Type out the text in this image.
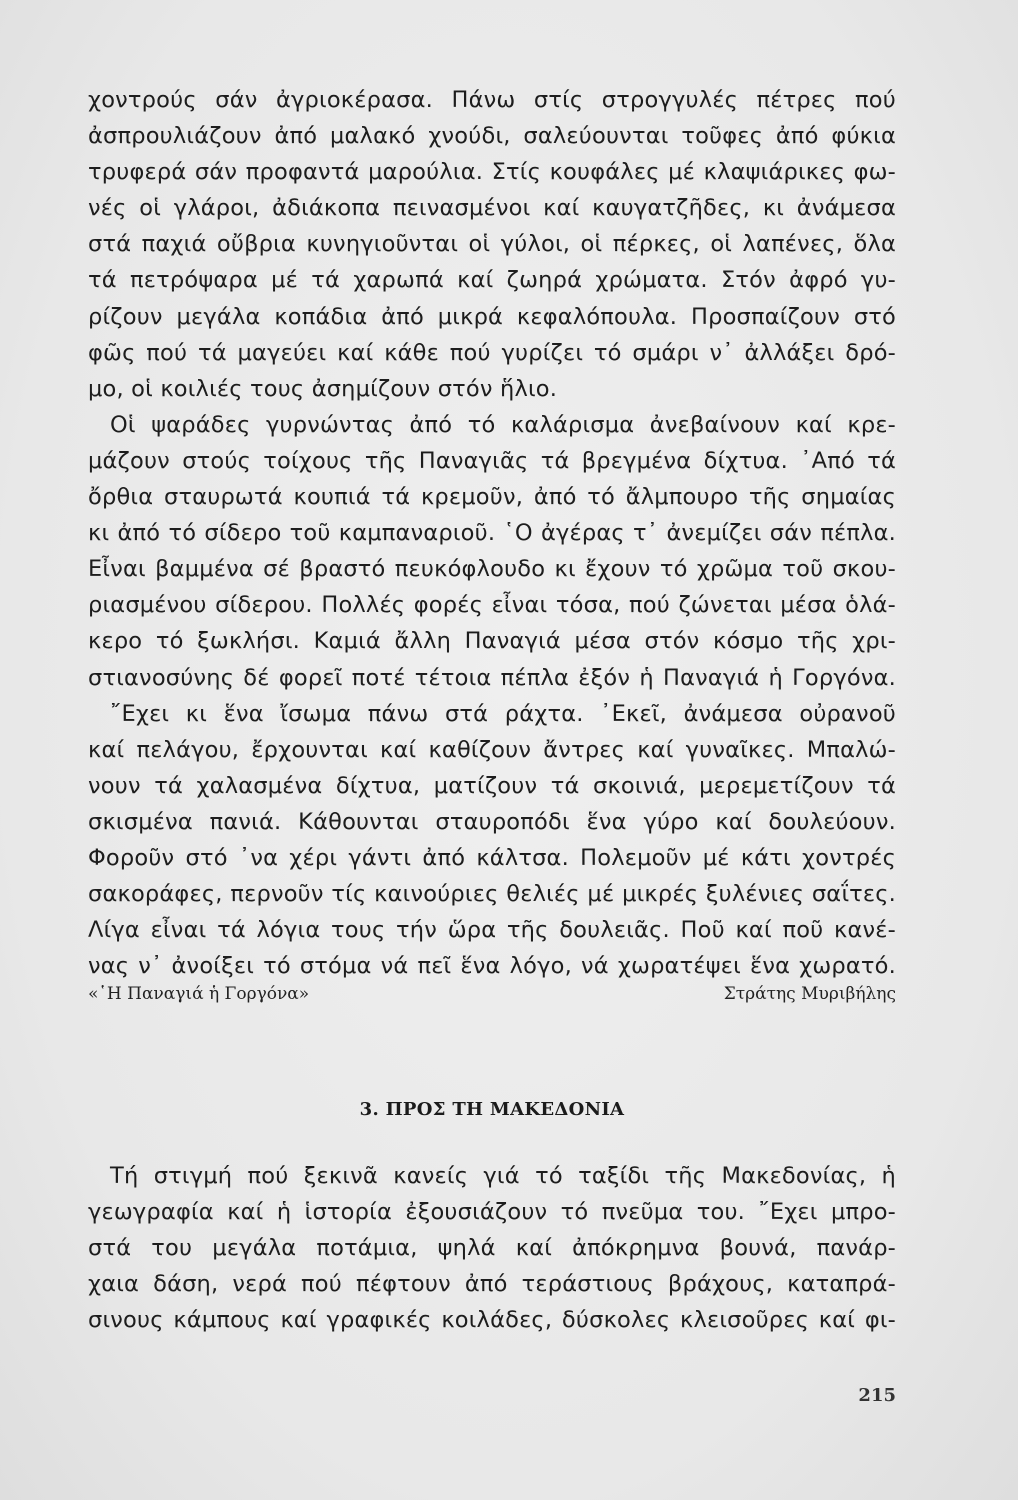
χοντρούς σάν ἀγριοκέρασα. Πάνω στίς στρογγυλές πέτρες πού
ἀσπρουλιάζουν ἀπό μαλακό χνούδι, σαλεύουνται τοῦφες ἀπό φύκια
τρυφερά σάν προφαντά μαρούλια. Στίς κουφάλες μέ κλαψιάρικες φω-
νές οἱ γλάροι, ἀδιάκοπα πεινασμένοι καί καυγατζῆδες, κι ἀνάμεσα
στά παχιά οὔβρια κυνηγιοῦνται οἱ γύλοι, οἱ πέρκες, οἱ λαπένες, ὅλα
τά πετρόψαρα μέ τά χαρωπά καί ζωηρά χρώματα. Στόν ἀφρό γυ-
ρίζουν μεγάλα κοπάδια ἀπό μικρά κεφαλόπουλα. Προσπαίζουν στό
φῶς πού τά μαγεύει καί κάθε πού γυρίζει τό σμάρι ν᾿ ἀλλάξει δρό-
μο, οἱ κοιλιές τους ἀσημίζουν στόν ἥλιο.
Οἱ ψαράδες γυρνώντας ἀπό τό καλάρισμα ἀνεβαίνουν καί κρε-
μάζουν στούς τοίχους τῆς Παναγιᾶς τά βρεγμένα δίχτυα. ᾿Από τά
ὄρθια σταυρωτά κουπιά τά κρεμοῦν, ἀπό τό ἄλμπουρο τῆς σημαίας
κι ἀπό τό σίδερο τοῦ καμπαναριοῦ. ῾Ο ἀγέρας τ᾿ ἀνεμίζει σάν πέπλα.
Εἶναι βαμμένα σέ βραστό πευκόφλουδο κι ἔχουν τό χρῶμα τοῦ σκου-
ριασμένου σίδερου. Πολλές φορές εἶναι τόσα, πού ζώνεται μέσα ὁλά-
κερο τό ξωκλήσι. Καμιά ἄλλη Παναγιά μέσα στόν κόσμο τῆς χρι-
στιανοσύνης δέ φορεῖ ποτέ τέτοια πέπλα ἐξόν ἡ Παναγιά ἡ Γοργόνα.
῎Εχει κι ἕνα ἴσωμα πάνω στά ράχτα. ᾿Εκεῖ, ἀνάμεσα οὐρανοῦ
καί πελάγου, ἔρχουνται καί καθίζουν ἄντρες καί γυναῖκες. Μπαλώ-
νουν τά χαλασμένα δίχτυα, ματίζουν τά σκοινιά, μερεμετίζουν τά
σκισμένα πανιά. Κάθουνται σταυροπόδι ἕνα γύρο καί δουλεύουν.
Φοροῦν στό ᾿να χέρι γάντι ἀπό κάλτσα. Πολεμοῦν μέ κάτι χοντρές
σακοράφες, περνοῦν τίς καινούριες θελιές μέ μικρές ξυλένιες σαΐτες.
Λίγα εἶναι τά λόγια τους τήν ὥρα τῆς δουλειᾶς. Ποῦ καί ποῦ κανέ-
νας ν᾿ ἀνοίξει τό στόμα νά πεῖ ἕνα λόγο, νά χωρατέψει ἕνα χωρατό.
«῾Η Παναγιά ἡ Γοργόνα»	Στράτης Μυριβήλης
3. ΠΡΟΣ ΤΗ ΜΑΚΕΔΟΝΙΑ
Τή στιγμή πού ξεκινᾶ κανείς γιά τό ταξίδι τῆς Μακεδονίας, ἡ
γεωγραφία καί ἡ ἱστορία ἐξουσιάζουν τό πνεῦμα του. ῎Εχει μπρο-
στά του μεγάλα ποτάμια, ψηλά καί ἀπόκρημνα βουνά, πανάρ-
χαια δάση, νερά πού πέφτουν ἀπό τεράστιους βράχους, καταπρά-
σινους κάμπους καί γραφικές κοιλάδες, δύσκολες κλεισοῦρες καί φι-
215
